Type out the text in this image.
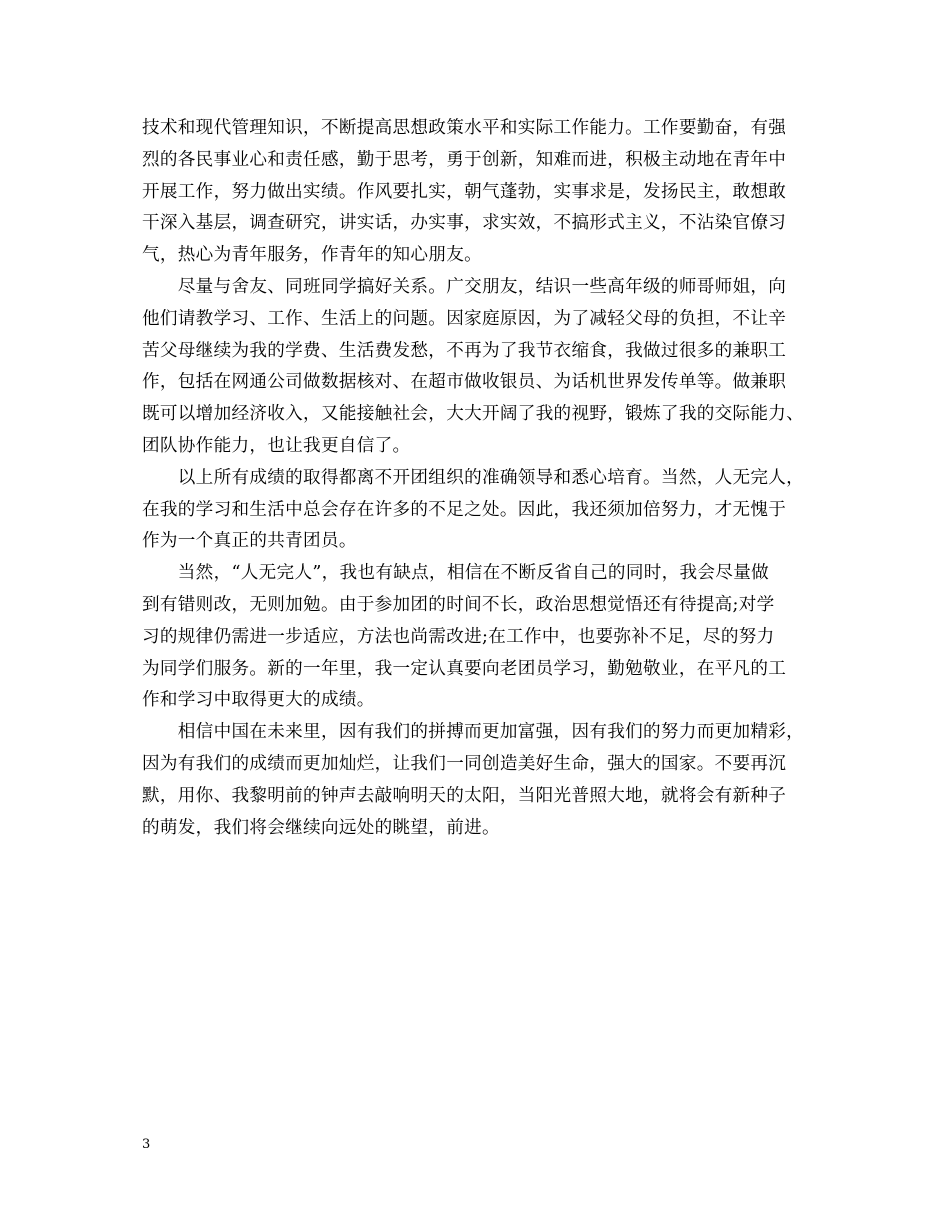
技术和现代管理知识，不断提高思想政策水平和实际工作能力。工作要勤奋，有强
烈的各民事业心和责任感，勤于思考，勇于创新，知难而进，积极主动地在青年中
开展工作，努力做出实绩。作风要扎实，朝气蓬勃，实事求是，发扬民主，敢想敢
干深入基层，调查研究，讲实话，办实事，求实效，不搞形式主义，不沾染官僚习
气，热心为青年服务，作青年的知心朋友。
　　尽量与舍友、同班同学搞好关系。广交朋友，结识一些高年级的师哥师姐，向
他们请教学习、工作、生活上的问题。因家庭原因，为了减轻父母的负担，不让辛
苦父母继续为我的学费、生活费发愁，不再为了我节衣缩食，我做过很多的兼职工
作，包括在网通公司做数据核对、在超市做收银员、为话机世界发传单等。做兼职
既可以增加经济收入，又能接触社会，大大开阔了我的视野，锻炼了我的交际能力、
团队协作能力，也让我更自信了。
　　以上所有成绩的取得都离不开团组织的准确领导和悉心培育。当然，人无完人，
在我的学习和生活中总会存在许多的不足之处。因此，我还须加倍努力，才无愧于
作为一个真正的共青团员。
　　当然，“人无完人”，我也有缺点，相信在不断反省自己的同时，我会尽量做
到有错则改，无则加勉。由于参加团的时间不长，政治思想觉悟还有待提高;对学
习的规律仍需进一步适应，方法也尚需改进;在工作中，也要弥补不足，尽的努力
为同学们服务。新的一年里，我一定认真要向老团员学习，勤勉敬业，在平凡的工
作和学习中取得更大的成绩。
　　相信中国在未来里，因有我们的拼搏而更加富强，因有我们的努力而更加精彩，
因为有我们的成绩而更加灿烂，让我们一同创造美好生命，强大的国家。不要再沉
默，用你、我黎明前的钟声去敲响明天的太阳，当阳光普照大地，就将会有新种子
的萌发，我们将会继续向远处的眺望，前进。
3
